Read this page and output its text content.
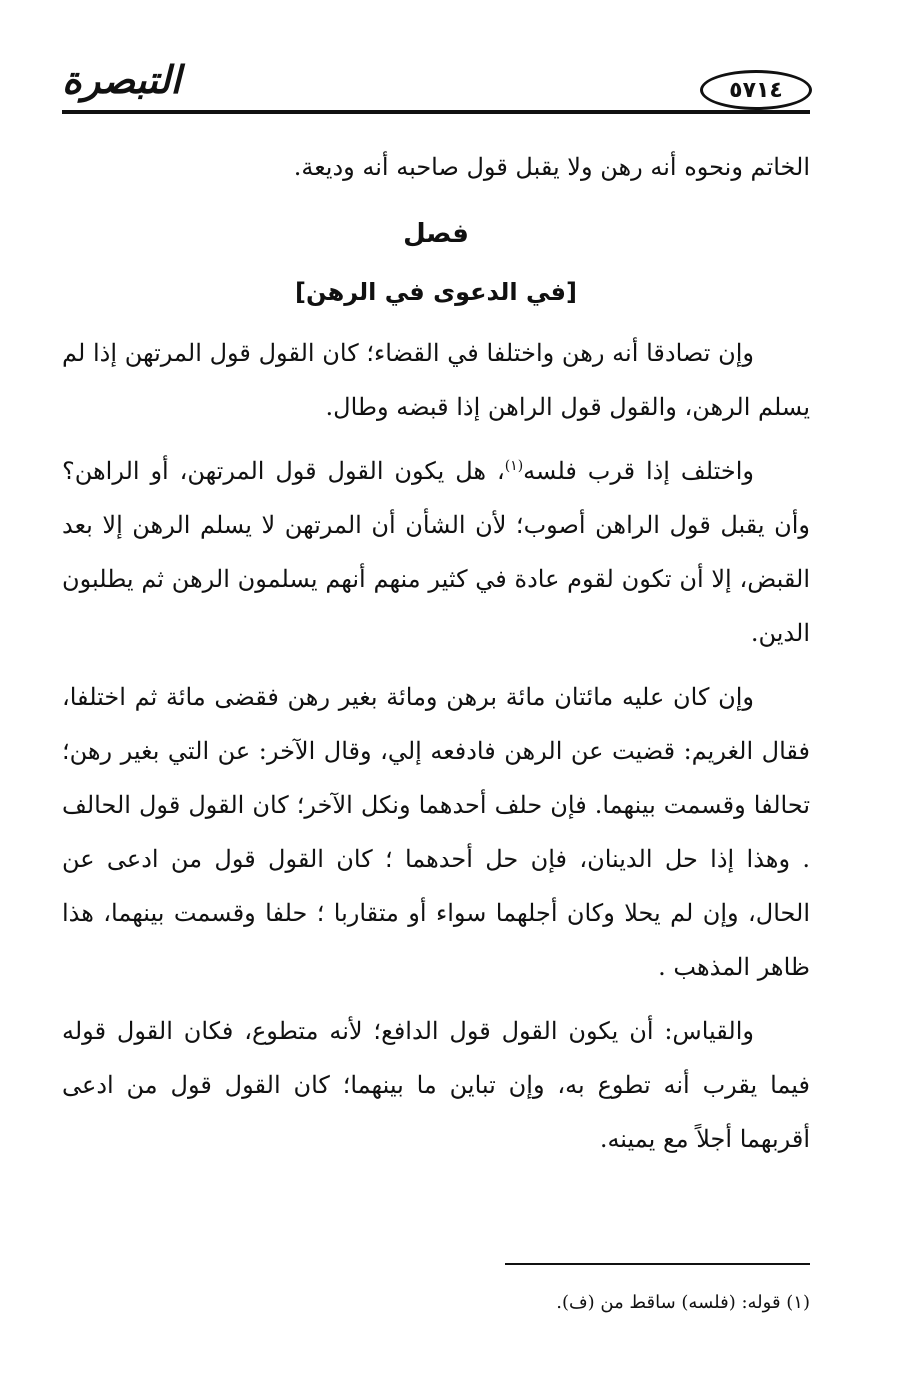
التبصرة	٥٧١٤

الخاتم ونحوه أنه رهن ولا يقبل قول صاحبه أنه وديعة.

فصل
[في الدعوى في الرهن]

وإن تصادقا أنه رهن واختلفا في القضاء؛ كان القول قول المرتهن إذا لم يسلم الرهن، والقول قول الراهن إذا قبضه وطال.

واختلف إذا قرب فلسه$^{(١)}$، هل يكون القول قول المرتهن، أو الراهن؟ وأن يقبل قول الراهن أصوب؛ لأن الشأن أن المرتهن لا يسلم الرهن إلا بعد القبض، إلا أن تكون لقوم عادة في كثير منهم أنهم يسلمون الرهن ثم يطلبون الدين.

وإن كان عليه مائتان مائة برهن ومائة بغير رهن فقضى مائة ثم اختلفا، فقال الغريم: قضيت عن الرهن فادفعه إلي، وقال الآخر: عن التي بغير رهن؛ تحالفا وقسمت بينهما. فإن حلف أحدهما ونكل الآخر؛ كان القول قول الحالف . وهذا إذا حل الدينان، فإن حل أحدهما ؛ كان القول قول من ادعى عن الحال، وإن لم يحلا وكان أجلهما سواء أو متقاربا ؛ حلفا وقسمت بينهما، هذا ظاهر المذهب .

والقياس: أن يكون القول قول الدافع؛ لأنه متطوع، فكان القول قوله فيما يقرب أنه تطوع به، وإن تباين ما بينهما؛ كان القول قول من ادعى أقربهما أجلاً مع يمينه.

(١) قوله: (فلسه) ساقط من (ف).
